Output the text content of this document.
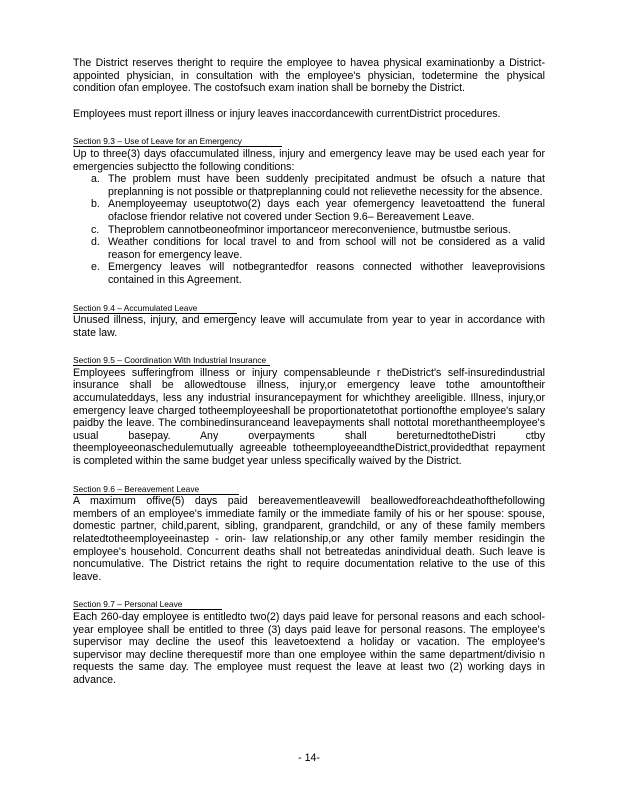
The District reserves theright to require the employee to havea physical examinationby a District-appointed physician, in consultation with the employee's physician, todetermine the physical condition ofan employee. The costofsuch exam ination shall be borneby the District.

Employees must report illness or injury leaves inaccordancewith currentDistrict procedures.

Section 9.3 – Use of Leave for an Emergency

Up to three(3) days ofaccumulated illness, injury and emergency leave may be used each year for emergencies subjectto the following conditions:

a. The problem must have been suddenly precipitated andmust be ofsuch a nature that preplanning is not possible or thatpreplanning could not relievethe necessity for the absence.
b. Anemployeemay useuptotwo(2) days each year ofemergency leavetoattend the funeral ofaclose friendor relative not covered under Section 9.6– Bereavement Leave.
c. Theproblem cannotbeoneofminor importanceor mereconvenience, butmustbe serious.
d. Weather conditions for local travel to and from school will not be considered as a valid reason for emergency leave.
e. Emergency leaves will notbegrantedfor reasons connected withother leaveprovisions contained in this Agreement.
Section 9.4 – Accumulated Leave

Unused illness, injury, and emergency leave will accumulate from year to year in accordance with state law.

Section 9.5 – Coordination With Industrial Insurance

Employees sufferingfrom illness or injury compensableunde r theDistrict's self-insuredindustrial insurance shall be allowedtouse illness, injury,or emergency leave tothe amountoftheir accumulateddays, less any industrial insurancepayment for whichthey areeligible. Illness, injury,or emergency leave charged totheemployeeshall be proportionatetothat portionofthe employee's salary paidby the leave. The combinedinsuranceand leavepayments shall nottotal morethantheemployee's usual basepay. Any overpayments shall bereturnedtotheDistri ctby theemployeeonaschedulemutually agreeable totheemployeeandtheDistrict,providedthat repayment is completed within the same budget year unless specifically waived by the District.

Section 9.6 – Bereavement Leave

A maximum offive(5) days paid bereavementleavewill beallowedforeachdeathofthefollowing members of an employee's immediate family or the immediate family of his or her spouse: spouse, domestic partner, child,parent, sibling, grandparent, grandchild, or any of these family members relatedtotheemployeeinastep - orin- law relationship,or any other family member residingin the employee's household. Concurrent deaths shall not betreatedas anindividual death. Such leave is noncumulative. The District retains the right to require documentation relative to the use of this leave.

Section 9.7 – Personal Leave

Each 260-day employee is entitledto two(2) days paid leave for personal reasons and each school-year employee shall be entitled to three (3) days paid leave for personal reasons. The employee's supervisor may decline the useof this leavetoextend a holiday or vacation. The employee's supervisor may decline therequestif more than one employee within the same department/divisio n requests the same day. The employee must request the leave at least two (2) working days in advance.

- 14-
